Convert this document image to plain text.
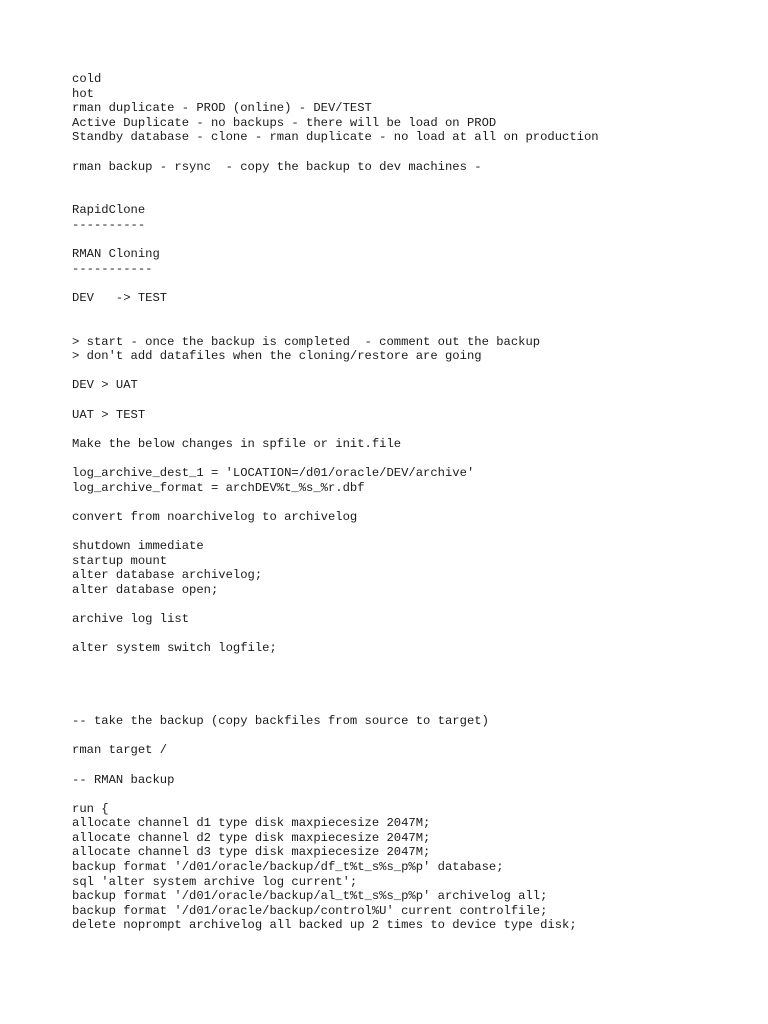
cold
hot
rman duplicate - PROD (online) - DEV/TEST
Active Duplicate - no backups - there will be load on PROD
Standby database - clone - rman duplicate - no load at all on production
rman backup - rsync  - copy the backup to dev machines -
RapidClone
----------
RMAN Cloning
-----------
DEV   -> TEST
> start - once the backup is completed  - comment out the backup
> don't add datafiles when the cloning/restore are going
DEV > UAT
UAT > TEST
Make the below changes in spfile or init.file
log_archive_dest_1 = 'LOCATION=/d01/oracle/DEV/archive'
log_archive_format = archDEV%t_%s_%r.dbf
convert from noarchivelog to archivelog
shutdown immediate
startup mount
alter database archivelog;
alter database open;
archive log list
alter system switch logfile;
-- take the backup (copy backfiles from source to target)
rman target /
-- RMAN backup
run {
allocate channel d1 type disk maxpiecesize 2047M;
allocate channel d2 type disk maxpiecesize 2047M;
allocate channel d3 type disk maxpiecesize 2047M;
backup format '/d01/oracle/backup/df_t%t_s%s_p%p' database;
sql 'alter system archive log current';
backup format '/d01/oracle/backup/al_t%t_s%s_p%p' archivelog all;
backup format '/d01/oracle/backup/control%U' current controlfile;
delete noprompt archivelog all backed up 2 times to device type disk;
